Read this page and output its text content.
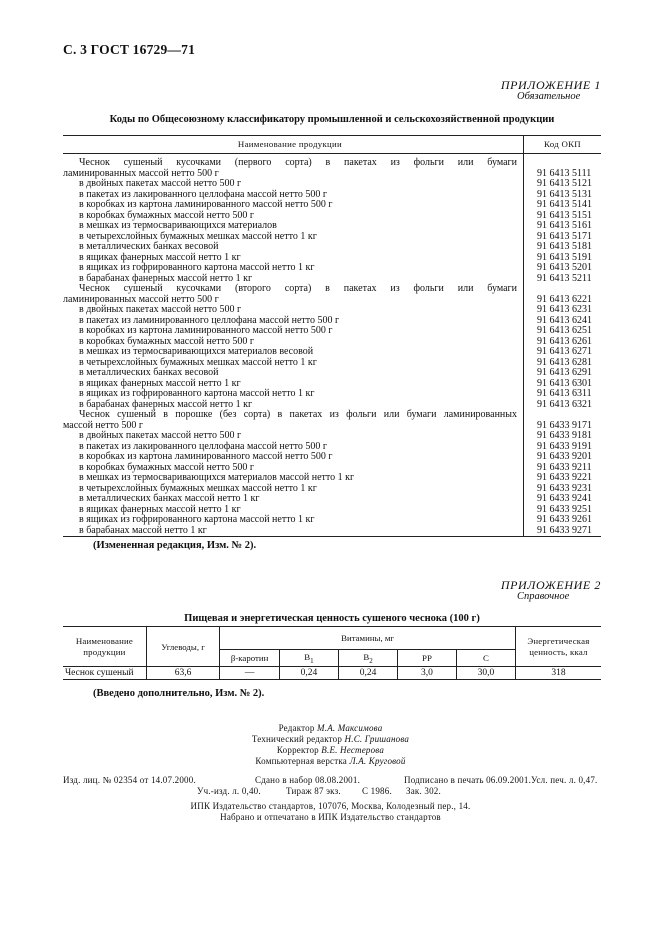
С. 3 ГОСТ 16729—71
ПРИЛОЖЕНИЕ 1
Обязательное
Коды по Общесоюзному классификатору промышленной и сельскохозяйственной продукции
Наименование продукции	Код ОКП

Чеснок сушеный кусочками (первого сорта) в пакетах из фольги или бумаги	
ламинированных массой нетто 500 г	91 6413 5111
в двойных пакетах массой нетто 500 г	91 6413 5121
в пакетах из лакированного целлофана массой нетто 500 г	91 6413 5131
в коробках из картона ламинированного массой нетто 500 г	91 6413 5141
в коробках бумажных массой нетто 500 г	91 6413 5151
в мешках из термосваривающихся материалов	91 6413 5161
в четырехслойных бумажных мешках массой нетто 1 кг	91 6413 5171
в металлических банках весовой	91 6413 5181
в ящиках фанерных массой нетто 1 кг	91 6413 5191
в ящиках из гофрированного картона массой нетто 1 кг	91 6413 5201
в барабанах фанерных массой нетто 1 кг	91 6413 5211
Чеснок сушеный кусочками (второго сорта) в пакетах из фольги или бумаги	
ламинированных массой нетто 500 г	91 6413 6221
в двойных пакетах массой нетто 500 г	91 6413 6231
в пакетах из ламинированного целлофана массой нетто 500 г	91 6413 6241
в коробках из картона ламинированного массой нетто 500 г	91 6413 6251
в коробках бумажных массой нетто 500 г	91 6413 6261
в мешках из термосваривающихся материалов весовой	91 6413 6271
в четырехслойных бумажных мешках массой нетто 1 кг	91 6413 6281
в металлических банках весовой	91 6413 6291
в ящиках фанерных массой нетто 1 кг	91 6413 6301
в ящиках из гофрированного картона массой нетто 1 кг	91 6413 6311
в барабанах фанерных массой нетто 1 кг	91 6413 6321
Чеснок сушеный в порошке (без сорта) в пакетах из фольги или бумаги ламинированных	
массой нетто 500 г	91 6433 9171
в двойных пакетах массой нетто 500 г	91 6433 9181
в пакетах из лакированного целлофана массой нетто 500 г	91 6433 9191
в коробках из картона ламинированного массой нетто 500 г	91 6433 9201
в коробках бумажных массой нетто 500 г	91 6433 9211
в мешках из термосваривающихся материалов массой нетто 1 кг	91 6433 9221
в четырехслойных бумажных мешках массой нетто 1 кг	91 6433 9231
в металлических банках массой нетто 1 кг	91 6433 9241
в ящиках фанерных массой нетто 1 кг	91 6433 9251
в ящиках из гофрированного картона массой нетто 1 кг	91 6433 9261
в барабанах массой нетто 1 кг	91 6433 9271
(Измененная редакция, Изм. № 2).
ПРИЛОЖЕНИЕ 2
Справочное
Пищевая и энергетическая ценность сушеного чеснока (100 г)
Наименование продукции	Углеводы, г	Витамины, мг					Энергетическая ценность, ккал
		β-каротин	$B_1$	$B_2$	PP	C	
Чеснок сушеный	63,6	—	0,24	0,24	3,0	30,0	318
(Введено дополнительно, Изм. № 2).
Редактор М.А. Максимова
Технический редактор Н.С. Гришанова
Корректор В.Е. Нестерова
Компьютерная верстка Л.А. Круговой
Изд. лиц. № 02354 от 14.07.2000.	Сдано в набор 08.08.2001.	Подписано в печать 06.09.2001. Усл. печ. л. 0,47.
Уч.-изд. л. 0,40.	Тираж 87 экз. С 1986. Зак. 302.
ИПК Издательство стандартов, 107076, Москва, Колодезный пер., 14.
Набрано и отпечатано в ИПК Издательство стандартов
